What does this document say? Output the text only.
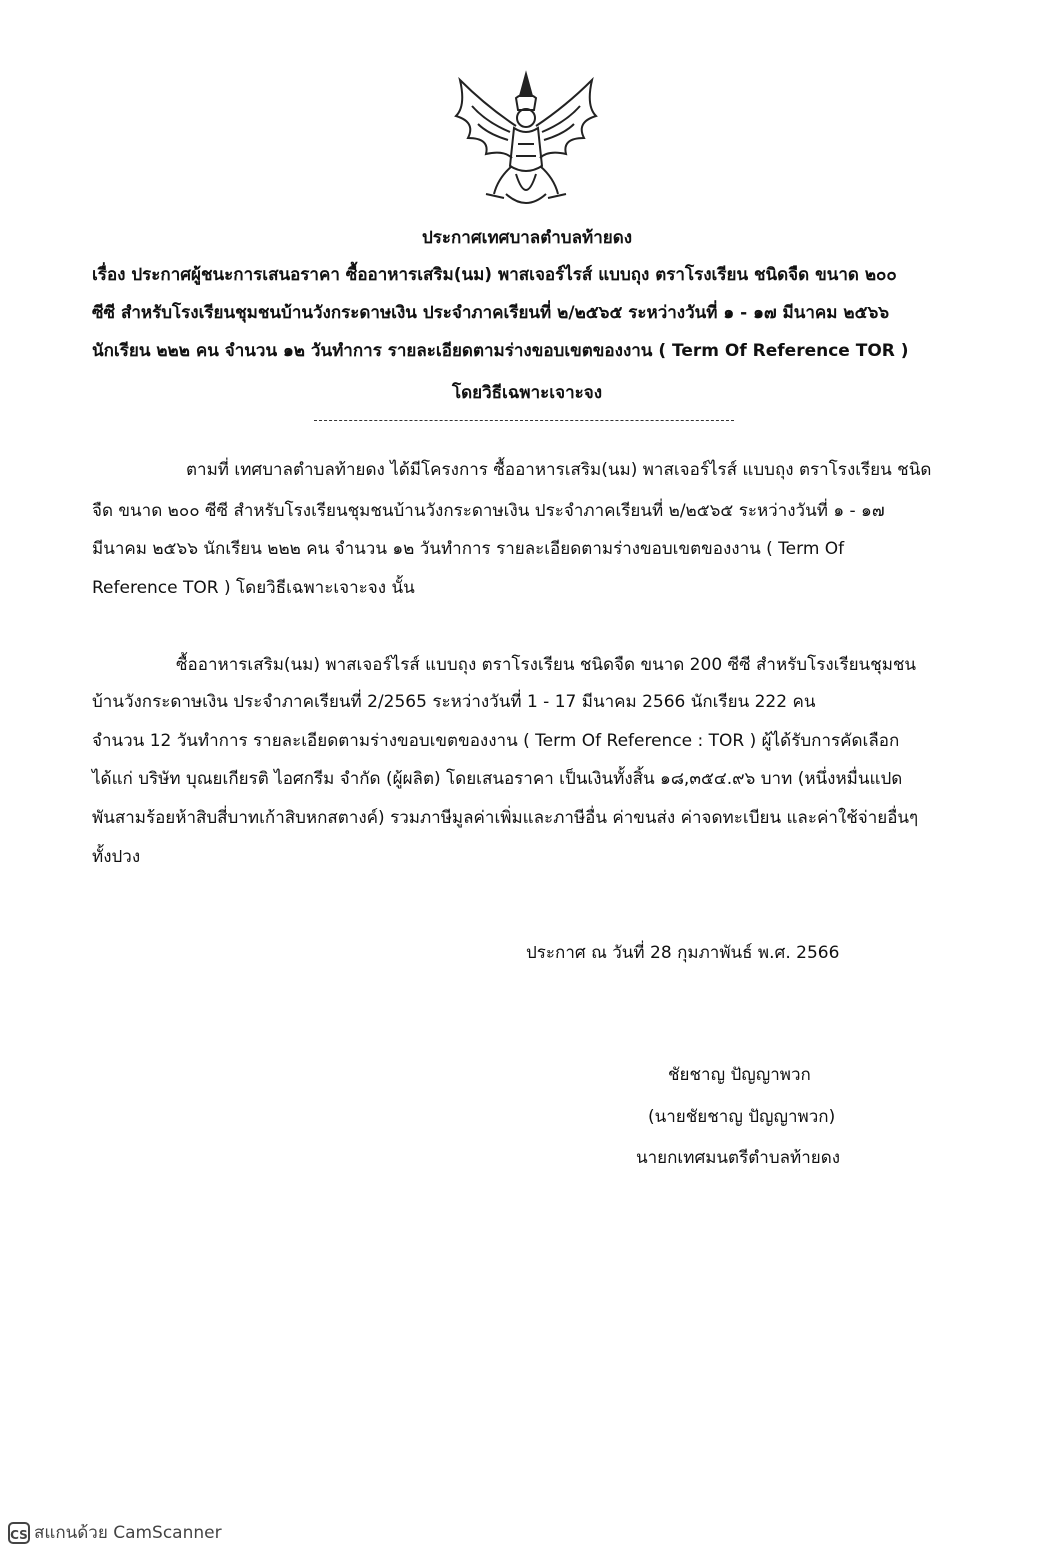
ประกาศเทศบาลตำบลท้ายดง
เรื่อง ประกาศผู้ชนะการเสนอราคา ซื้ออาหารเสริม(นม) พาสเจอร์ไรส์ แบบถุง ตราโรงเรียน ชนิดจืด ขนาด ๒๐๐
ซีซี สำหรับโรงเรียนชุมชนบ้านวังกระดาษเงิน ประจำภาคเรียนที่ ๒/๒๕๖๕ ระหว่างวันที่ ๑ - ๑๗ มีนาคม ๒๕๖๖
นักเรียน ๒๒๒ คน จำนวน ๑๒ วันทำการ รายละเอียดตามร่างขอบเขตของงาน ( Term Of Reference TOR )
โดยวิธีเฉพาะเจาะจง
ตามที่ เทศบาลตำบลท้ายดง ได้มีโครงการ ซื้ออาหารเสริม(นม) พาสเจอร์ไรส์ แบบถุง ตราโรงเรียน ชนิด
จืด ขนาด ๒๐๐ ซีซี สำหรับโรงเรียนชุมชนบ้านวังกระดาษเงิน ประจำภาคเรียนที่ ๒/๒๕๖๕ ระหว่างวันที่ ๑ - ๑๗
มีนาคม ๒๕๖๖ นักเรียน ๒๒๒ คน จำนวน ๑๒ วันทำการ รายละเอียดตามร่างขอบเขตของงาน ( Term Of
Reference TOR ) โดยวิธีเฉพาะเจาะจง นั้น
ซื้ออาหารเสริม(นม) พาสเจอร์ไรส์ แบบถุง ตราโรงเรียน ชนิดจืด ขนาด 200 ซีซี สำหรับโรงเรียนชุมชน
บ้านวังกระดาษเงิน ประจำภาคเรียนที่ 2/2565 ระหว่างวันที่ 1 - 17 มีนาคม 2566 นักเรียน 222 คน
จำนวน 12 วันทำการ รายละเอียดตามร่างขอบเขตของงาน ( Term Of Reference : TOR ) ผู้ได้รับการคัดเลือก
ได้แก่ บริษัท บุณยเกียรติ ไอศกรีม จำกัด (ผู้ผลิต) โดยเสนอราคา เป็นเงินทั้งสิ้น ๑๘,๓๕๔.๙๖ บาท (หนึ่งหมื่นแปด
พันสามร้อยห้าสิบสี่บาทเก้าสิบหกสตางค์) รวมภาษีมูลค่าเพิ่มและภาษีอื่น ค่าขนส่ง ค่าจดทะเบียน และค่าใช้จ่ายอื่นๆ
ทั้งปวง
ประกาศ ณ วันที่ 28 กุมภาพันธ์ พ.ศ. 2566
ชัยชาญ ปัญญาพวก
(นายชัยชาญ ปัญญาพวก)
นายกเทศมนตรีตำบลท้ายดง
CS สแกนด้วย CamScanner
